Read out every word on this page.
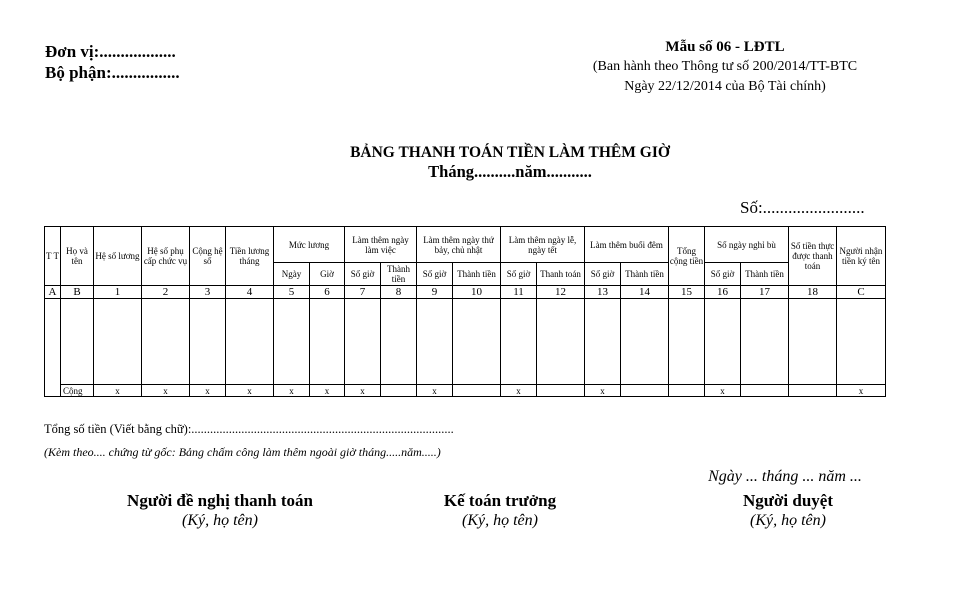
Đơn vị:..................
Bộ phận:................
Mẫu số 06 - LĐTL
(Ban hành theo Thông tư số 200/2014/TT-BTC
Ngày 22/12/2014 của Bộ Tài chính)
BẢNG THANH TOÁN TIỀN LÀM THÊM GIỜ
Tháng..........năm...........
Số:........................
T T	Họ và tên	Hệ số lương	Hệ số phụ cấp chức vụ	Cộng hệ số	Tiền lương tháng	Mức lương		Làm thêm ngày làm việc		Làm thêm ngày thứ bảy, chủ nhật		Làm thêm ngày lễ, ngày tết		Làm thêm buổi đêm		Tổng cộng tiền	Số ngày nghỉ bù		Số tiền thực được thanh toán	Người nhận tiền ký tên
						Ngày	Giờ	Số giờ	Thành tiền	Số giờ	Thành tiền	Số giờ	Thanh toán	Số giờ	Thành tiền		Số giờ	Thành tiền		
A	B	1	2	3	4	5	6	7	8	9	10	11	12	13	14	15	16	17	18	C

	Cộng	x	x	x	x	x	x	x		x		x		x			x			x
Tổng số tiền (Viết bằng chữ):....................................................................................
(Kèm theo.... chứng từ gốc: Bảng chấm công làm thêm ngoài giờ tháng.....năm.....)
Ngày ... tháng ... năm ...
Người đề nghị thanh toán
(Ký, họ tên)
Kế toán trưởng
(Ký, họ tên)
Người duyệt
(Ký, họ tên)
